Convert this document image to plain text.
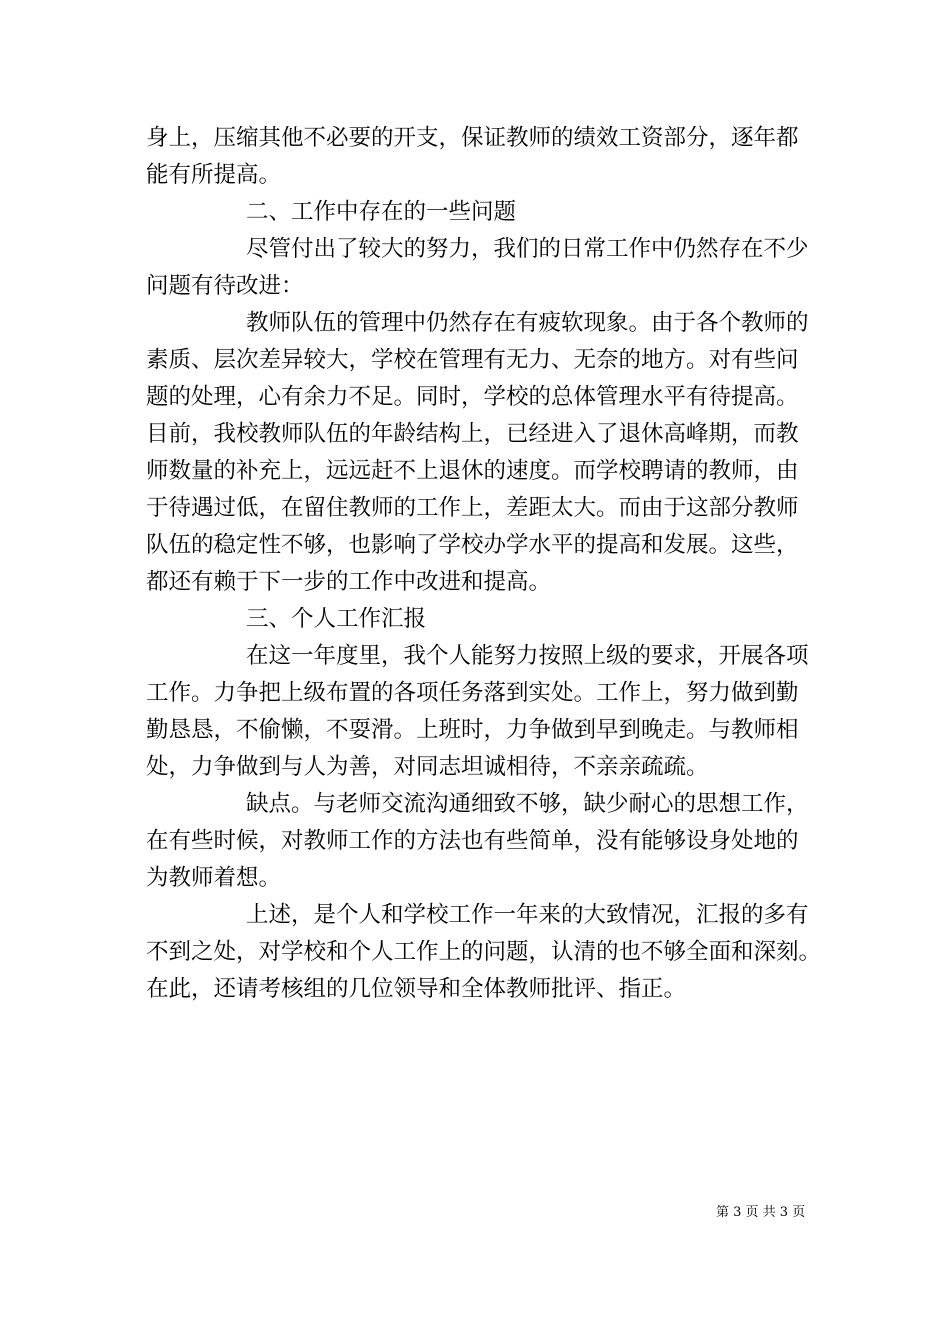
身上，压缩其他不必要的开支，保证教师的绩效工资部分，逐年都
能有所提高。
二、工作中存在的一些问题
尽管付出了较大的努力，我们的日常工作中仍然存在不少
问题有待改进：
教师队伍的管理中仍然存在有疲软现象。由于各个教师的
素质、层次差异较大，学校在管理有无力、无奈的地方。对有些问
题的处理，心有余力不足。同时，学校的总体管理水平有待提高。
目前，我校教师队伍的年龄结构上，已经进入了退休高峰期，而教
师数量的补充上，远远赶不上退休的速度。而学校聘请的教师，由
于待遇过低，在留住教师的工作上，差距太大。而由于这部分教师
队伍的稳定性不够，也影响了学校办学水平的提高和发展。这些，
都还有赖于下一步的工作中改进和提高。
三、个人工作汇报
在这一年度里，我个人能努力按照上级的要求，开展各项
工作。力争把上级布置的各项任务落到实处。工作上，努力做到勤
勤恳恳，不偷懒，不耍滑。上班时，力争做到早到晚走。与教师相
处，力争做到与人为善，对同志坦诚相待，不亲亲疏疏。
缺点。与老师交流沟通细致不够，缺少耐心的思想工作，
在有些时候，对教师工作的方法也有些简单，没有能够设身处地的
为教师着想。
上述，是个人和学校工作一年来的大致情况，汇报的多有
不到之处，对学校和个人工作上的问题，认清的也不够全面和深刻。
在此，还请考核组的几位领导和全体教师批评、指正。
第 3 页 共 3 页
